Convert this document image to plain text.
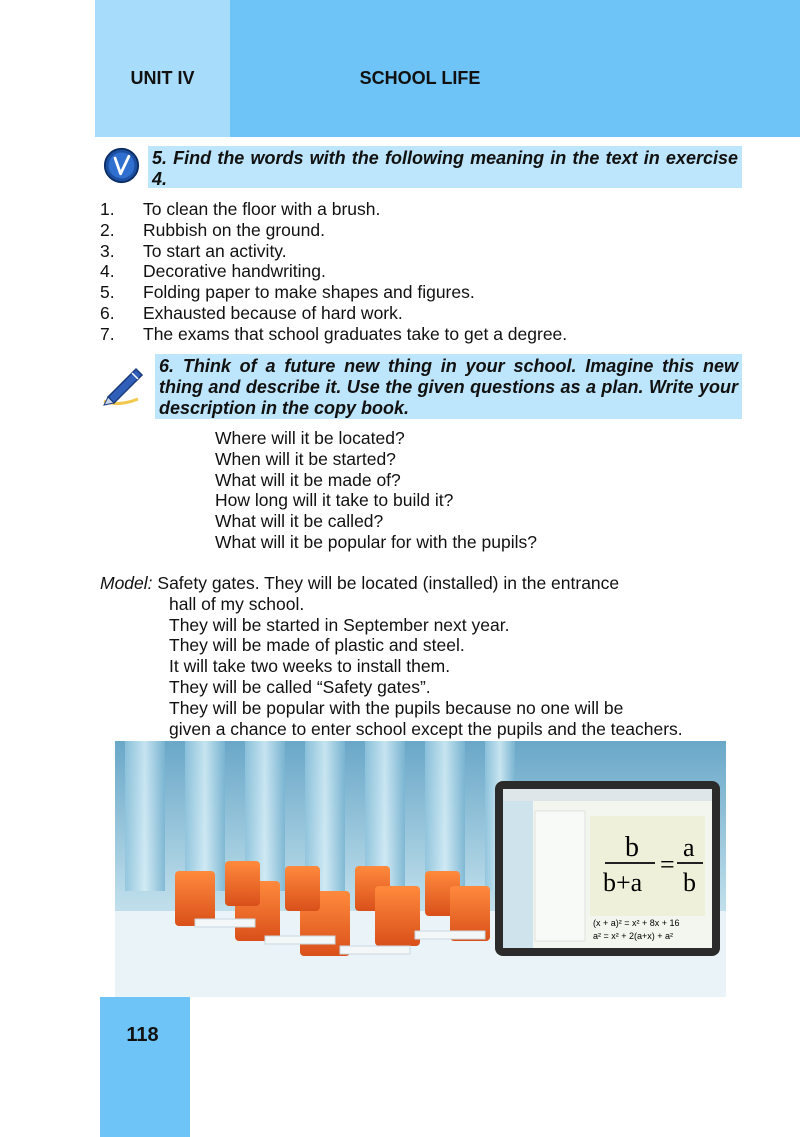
UNIT IV	SCHOOL LIFE
5. Find the words with the following meaning in the text in exercise 4.
1.	To clean the floor with a brush.
2.	Rubbish on the ground.
3.	To start an activity.
4.	Decorative handwriting.
5.	Folding paper to make shapes and figures.
6.	Exhausted because of hard work.
7.	The exams that school graduates take to get a degree.
6. Think of a future new thing in your school. Imagine this new thing and describe it. Use the given questions as a plan. Write your description in the copy book.
Where will it be located?
When will it be started?
What will it be made of?
How long will it take to build it?
What will it be called?
What will it be popular for with the pupils?
Model: Safety gates. They will be located (installed) in the entrance
hall of my school.
They will be started in September next year.
They will be made of plastic and steel.
It will take two weeks to install them.
They will be called “Safety gates”.
They will be popular with the pupils because no one will be
given a chance to enter school except the pupils and the teachers.
b
b+a
=
a
b
(x + a)² = x² + 8x + 16
a² = x² + 2(a+x) + a²
118
